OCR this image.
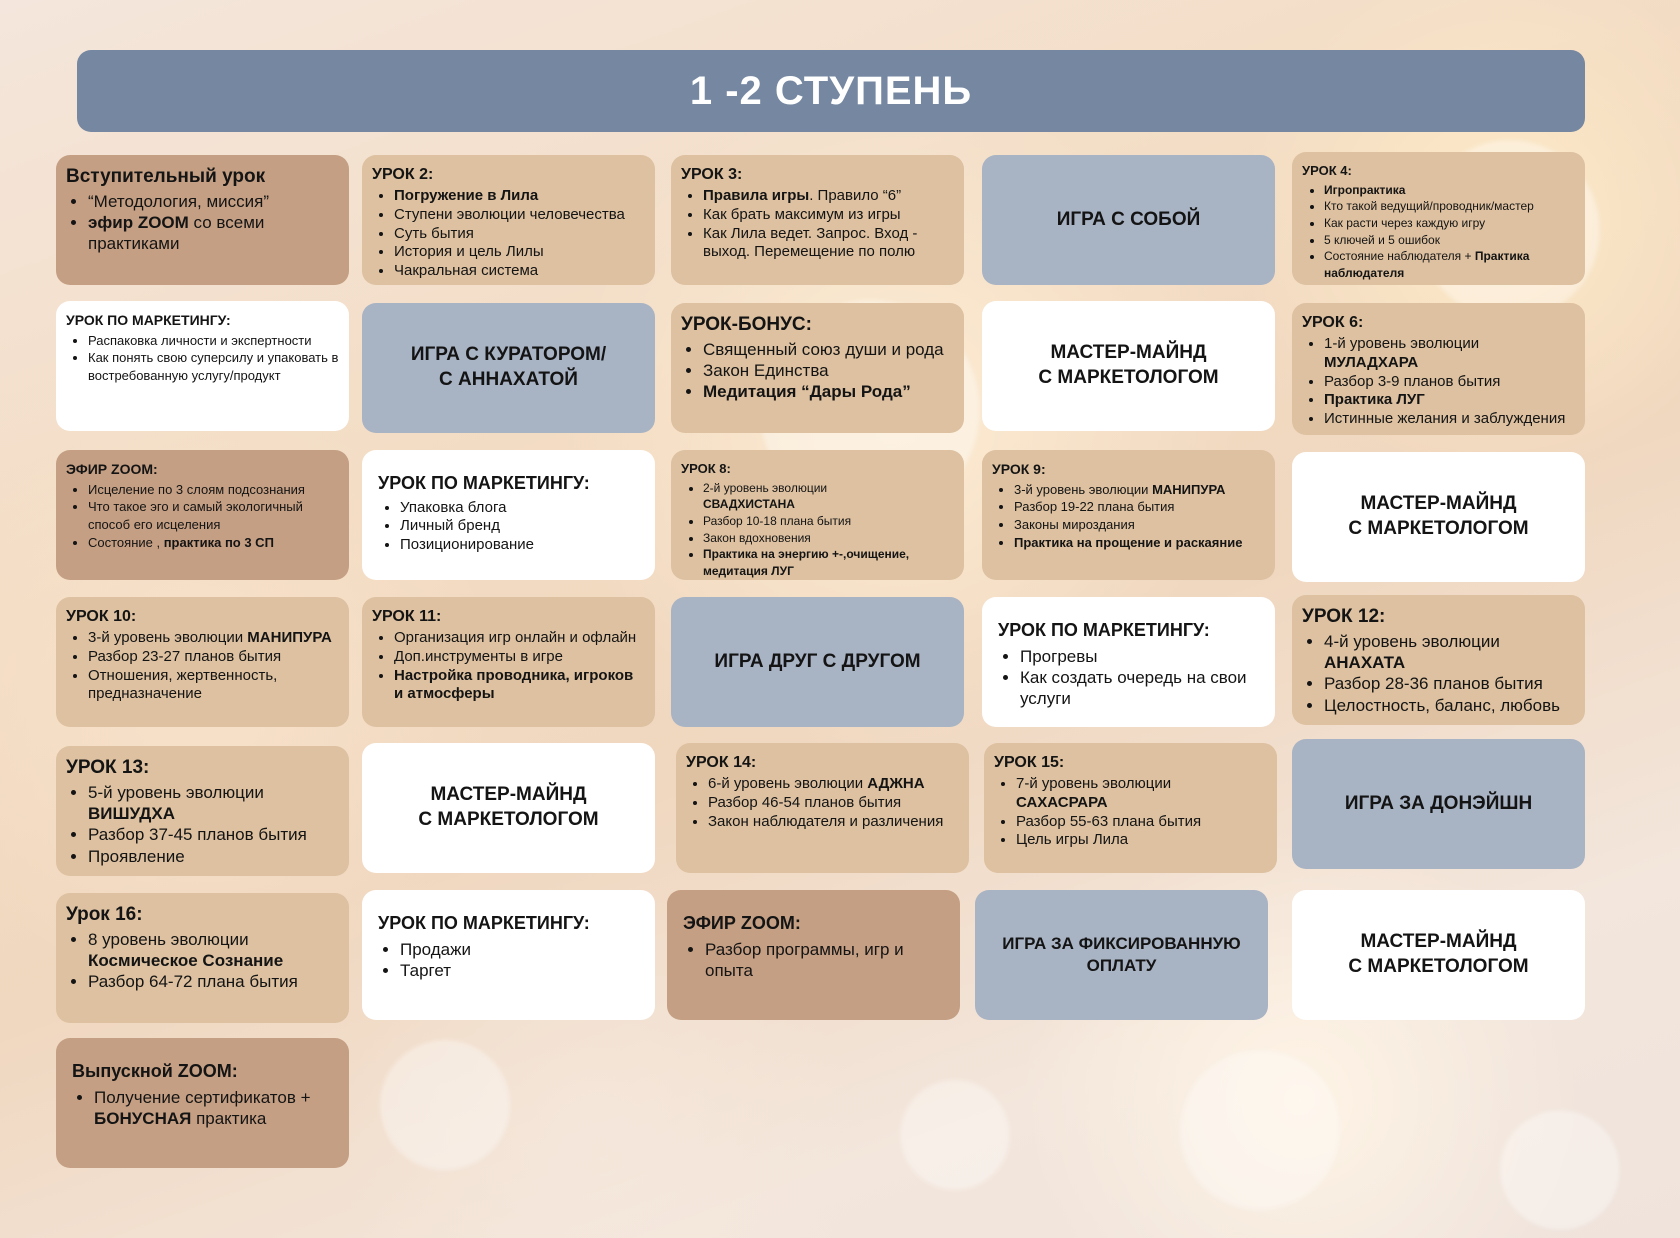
1 -2 СТУПЕНЬ
Вступительный урок
• “Методология, миссия”
• эфир ZOOM со всеми практиками
УРОК 2:
• Погружение в Лила
• Ступени эволюции человечества
• Суть бытия
• История и цель Лилы
• Чакральная система
УРОК 3:
• Правила игры. Правило “6”
• Как брать максимум из игры
• Как Лила ведет. Запрос. Вход - выход. Перемещение по полю
ИГРА С СОБОЙ
УРОК 4:
• Игропрактика
• Кто такой ведущий/проводник/мастер
• Как расти через каждую игру
• 5 ключей и 5 ошибок
• Состояние наблюдателя + Практика наблюдателя
УРОК ПО МАРКЕТИНГУ:
• Распаковка личности и экспертности
• Как понять свою суперсилу и упаковать в востребованную услугу/продукт
ИГРА С КУРАТОРОМ/
С АННАХАТОЙ
УРОК-БОНУС:
• Священный союз души и рода
• Закон Единства
• Медитация “Дары Рода”
МАСТЕР-МАЙНД
С МАРКЕТОЛОГОМ
УРОК 6:
• 1-й уровень эволюции
МУЛАДХАРА
• Разбор 3-9 планов бытия
• Практика ЛУГ
• Истинные желания и заблуждения
ЭФИР ZOOM:
• Исцеление по 3 слоям подсознания
• Что такое эго и самый экологичный способ его исцеления
• Состояние , практика по 3 СП
УРОК ПО МАРКЕТИНГУ:
• Упаковка блога
• Личный бренд
• Позиционирование
УРОК 8:
• 2-й уровень эволюции
СВАДХИСТАНА
• Разбор 10-18 плана бытия
• Закон вдохновения
• Практика на энергию +-,очищение, медитация ЛУГ
УРОК 9:
• 3-й уровень эволюции МАНИПУРА
• Разбор 19-22 плана бытия
• Законы мироздания
• Практика на прощение и раскаяние
МАСТЕР-МАЙНД
С МАРКЕТОЛОГОМ
УРОК 10:
• 3-й уровень эволюции МАНИПУРА
• Разбор 23-27 планов бытия
• Отношения, жертвенность, предназначение
УРОК 11:
• Организация игр онлайн и офлайн
• Доп.инструменты в игре
• Настройка проводника, игроков и атмосферы
ИГРА ДРУГ С ДРУГОМ
УРОК ПО МАРКЕТИНГУ:
• Прогревы
• Как создать очередь на свои услуги
УРОК 12:
• 4-й уровень эволюции
АНАХАТА
• Разбор 28-36 планов бытия
• Целостность, баланс, любовь
УРОК 13:
• 5-й уровень эволюции
ВИШУДХА
• Разбор 37-45 планов бытия
• Проявление
МАСТЕР-МАЙНД
С МАРКЕТОЛОГОМ
УРОК 14:
• 6-й уровень эволюции АДЖНА
• Разбор 46-54 планов бытия
• Закон наблюдателя и различения
УРОК 15:
• 7-й уровень эволюции
САХАСРАРА
• Разбор 55-63 плана бытия
• Цель игры Лила
ИГРА ЗА ДОНЭЙШН
Урок 16:
• 8 уровень эволюции
Космическое Сознание
• Разбор 64-72 плана бытия
УРОК ПО МАРКЕТИНГУ:
• Продажи
• Таргет
ЭФИР ZOOM:
• Разбор программы, игр и опыта
ИГРА ЗА ФИКСИРОВАННУЮ
ОПЛАТУ
МАСТЕР-МАЙНД
С МАРКЕТОЛОГОМ
Выпускной ZOOM:
• Получение сертификатов + БОНУСНАЯ практика
